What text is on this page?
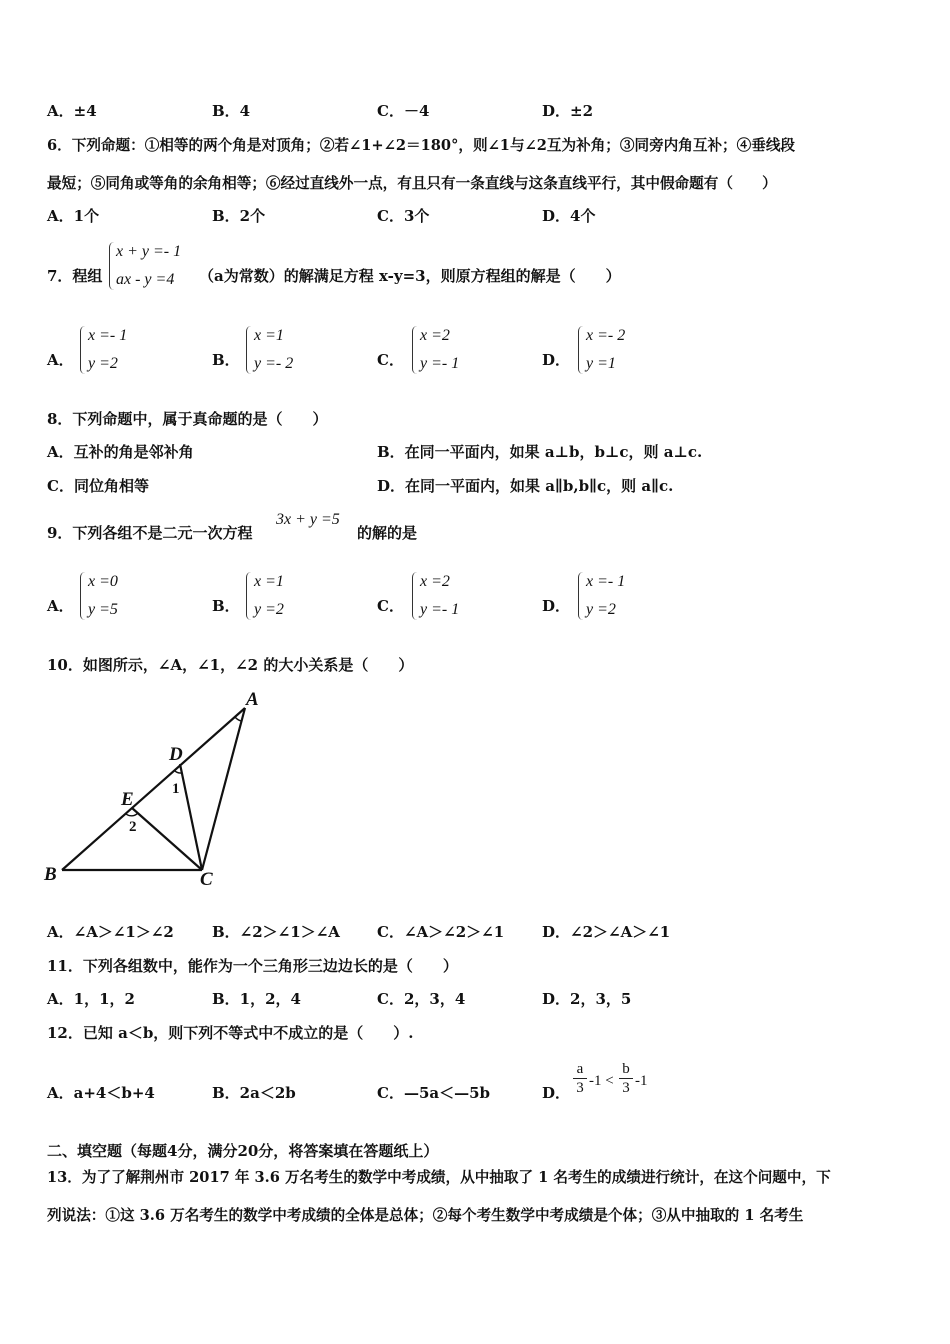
A．±4	B．4	C．－4	D．±2
6．下列命题：①相等的两个角是对顶角；②若∠1+∠2＝180°，则∠1与∠2互为补角；③同旁内角互补；④垂线段
最短；⑤同角或等角的余角相等；⑥经过直线外一点，有且只有一条直线与这条直线平行，其中假命题有（　　）
A．1个	B．2个	C．3个	D．4个
7．程组
x + y =- 1
ax - y =4 （a为常数）的解满足方程 x-y=3，则原方程组的解是（　　）
A．
x =- 1
y =2	B．
x =1
y =- 2	C．
x =2
y =- 1	D．
x =- 2
y =1
8．下列命题中，属于真命题的是（　　）
A．互补的角是邻补角	B．在同一平面内，如果 a⊥b，b⊥c，则 a⊥c.
C．同位角相等	D．在同一平面内，如果 a∥b,b∥c，则 a∥c.
9．下列各组不是二元一次方程
3x + y =5
的解的是
A．
x =0
y =5	B．
x =1
y =2	C．
x =2
y =- 1	D．
x =- 1
y =2
10．如图所示，∠A，∠1，∠2 的大小关系是（　　）
A
D
E
B	C
1
2
A．∠A＞∠1＞∠2	B．∠2＞∠1＞∠A C．∠A＞∠2＞∠1	D．∠2＞∠A＞∠1
11．下列各组数中，能作为一个三角形三边边长的是（　　）
A．1，1，2	B．1，2，4	C．2，3，4	D．2，3，5
12．已知 a＜b，则下列不等式中不成立的是（　　）.
A．a+4＜b+4	B．2a＜2b	C．—5a＜—5b	D．
a
3 -1 <
b
3 -1
二、填空题（每题4分，满分20分，将答案填在答题纸上）
13．为了了解荆州市 2017 年 3.6 万名考生的数学中考成绩，从中抽取了 1 名考生的成绩进行统计，在这个问题中，下
列说法：①这 3.6 万名考生的数学中考成绩的全体是总体；②每个考生数学中考成绩是个体；③从中抽取的 1 名考生
